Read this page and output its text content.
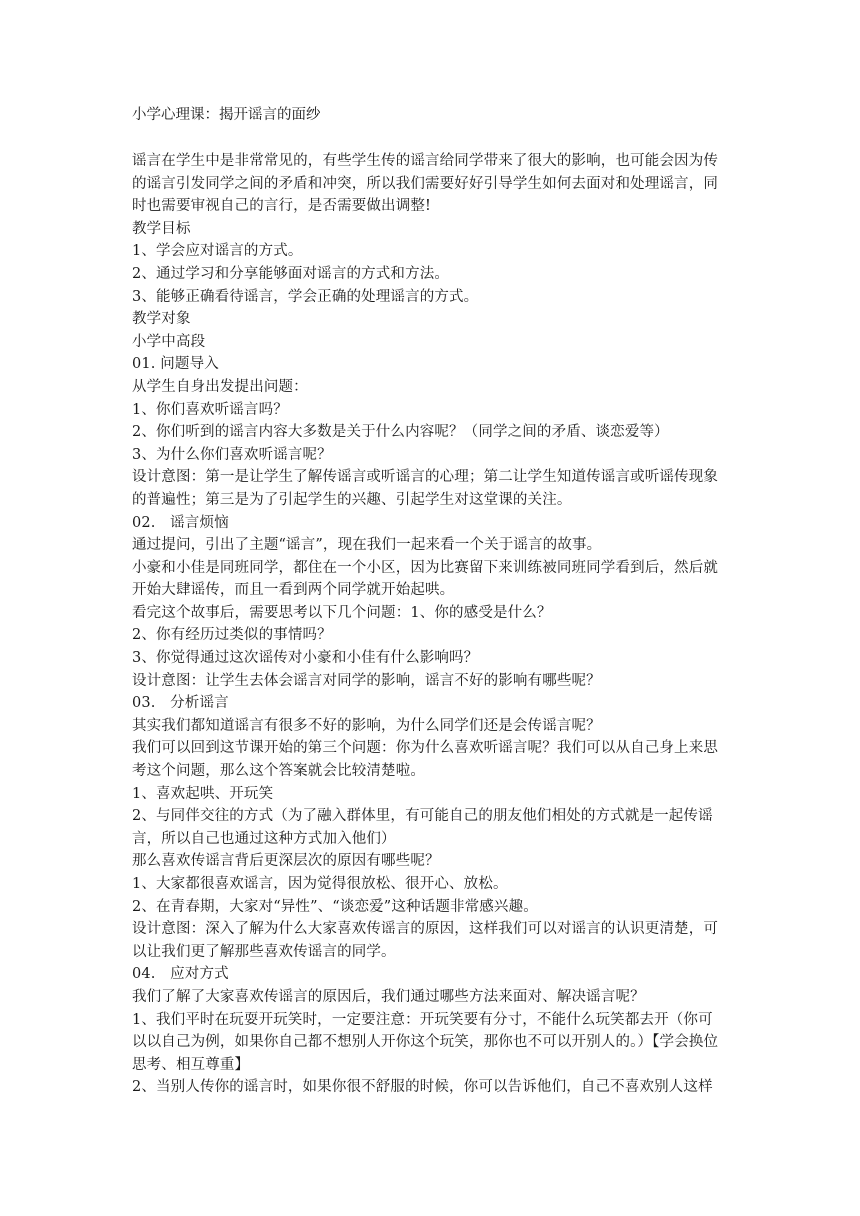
小学心理课：揭开谣言的面纱

谣言在学生中是非常常见的，有些学生传的谣言给同学带来了很大的影响，也可能会因为传

的谣言引发同学之间的矛盾和冲突，所以我们需要好好引导学生如何去面对和处理谣言，同

时也需要审视自己的言行，是否需要做出调整!

教学目标

1、学会应对谣言的方式。

2、通过学习和分享能够面对谣言的方式和方法。

3、能够正确看待谣言，学会正确的处理谣言的方式。

教学对象

小学中高段

01. 问题导入

从学生自身出发提出问题：

1、你们喜欢听谣言吗？

2、你们听到的谣言内容大多数是关于什么内容呢？（同学之间的矛盾、谈恋爱等）

3、为什么你们喜欢听谣言呢？

设计意图：第一是让学生了解传谣言或听谣言的心理；第二让学生知道传谣言或听谣传现象

的普遍性；第三是为了引起学生的兴趣、引起学生对这堂课的关注。

02.　谣言烦恼

通过提问，引出了主题“谣言”，现在我们一起来看一个关于谣言的故事。

小豪和小佳是同班同学，都住在一个小区，因为比赛留下来训练被同班同学看到后，然后就

开始大肆谣传，而且一看到两个同学就开始起哄。

看完这个故事后，需要思考以下几个问题：1、你的感受是什么？

2、你有经历过类似的事情吗？

3、你觉得通过这次谣传对小豪和小佳有什么影响吗？

设计意图：让学生去体会谣言对同学的影响，谣言不好的影响有哪些呢？

03.　分析谣言

其实我们都知道谣言有很多不好的影响，为什么同学们还是会传谣言呢？

我们可以回到这节课开始的第三个问题：你为什么喜欢听谣言呢？我们可以从自己身上来思

考这个问题，那么这个答案就会比较清楚啦。

1、喜欢起哄、开玩笑

2、与同伴交往的方式（为了融入群体里，有可能自己的朋友他们相处的方式就是一起传谣

言，所以自己也通过这种方式加入他们）

那么喜欢传谣言背后更深层次的原因有哪些呢？

1、大家都很喜欢谣言，因为觉得很放松、很开心、放松。

2、在青春期，大家对“异性”、“谈恋爱”这种话题非常感兴趣。

设计意图：深入了解为什么大家喜欢传谣言的原因，这样我们可以对谣言的认识更清楚，可

以让我们更了解那些喜欢传谣言的同学。

04.　应对方式

我们了解了大家喜欢传谣言的原因后，我们通过哪些方法来面对、解决谣言呢？

1、我们平时在玩耍开玩笑时，一定要注意：开玩笑要有分寸，不能什么玩笑都去开（你可

以以自己为例，如果你自己都不想别人开你这个玩笑，那你也不可以开别人的。）【学会换位

思考、相互尊重】

2、当别人传你的谣言时，如果你很不舒服的时候，你可以告诉他们，自己不喜欢别人这样
